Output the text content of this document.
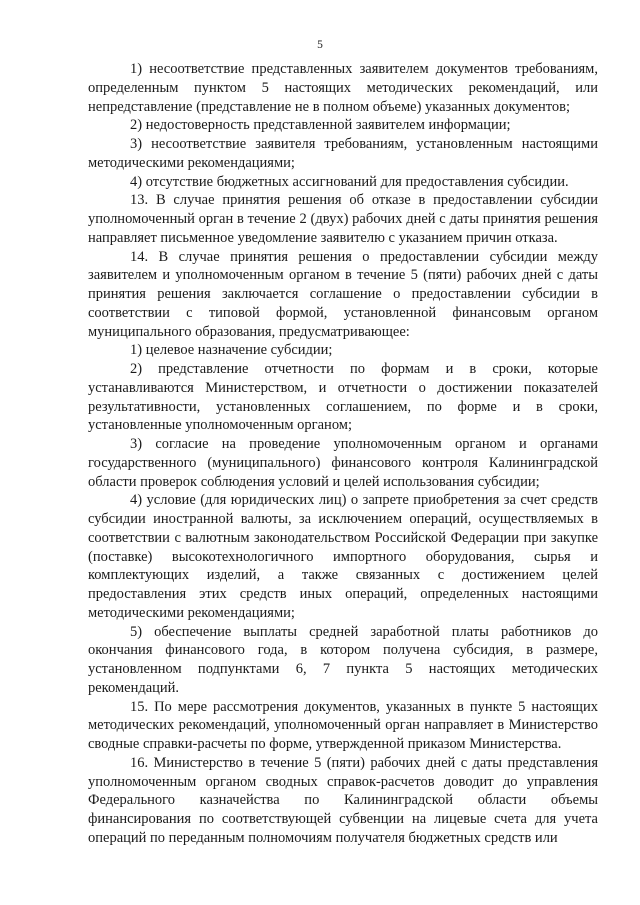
5

1) несоответствие представленных заявителем документов требованиям, определенным пунктом 5 настоящих методических рекомендаций, или непредставление (представление не в полном объеме) указанных документов;

2) недостоверность представленной заявителем информации;

3) несоответствие заявителя требованиям, установленным настоящими методическими рекомендациями;

4) отсутствие бюджетных ассигнований для предоставления субсидии.

13. В случае принятия решения об отказе в предоставлении субсидии уполномоченный орган в течение 2 (двух) рабочих дней с даты принятия решения направляет письменное уведомление заявителю с указанием причин отказа.

14. В случае принятия решения о предоставлении субсидии между заявителем и уполномоченным органом в течение 5 (пяти) рабочих дней с даты принятия решения заключается соглашение о предоставлении субсидии в соответствии с типовой формой, установленной финансовым органом муниципального образования, предусматривающее:

1) целевое назначение субсидии;

2) представление отчетности по формам и в сроки, которые устанавливаются Министерством, и отчетности о достижении показателей результативности, установленных соглашением, по форме и в сроки, установленные уполномоченным органом;

3) согласие на проведение уполномоченным органом и органами государственного (муниципального) финансового контроля Калининградской области проверок соблюдения условий и целей использования субсидии;

4) условие (для юридических лиц) о запрете приобретения за счет средств субсидии иностранной валюты, за исключением операций, осуществляемых в соответствии с валютным законодательством Российской Федерации при закупке (поставке) высокотехнологичного импортного оборудования, сырья и комплектующих изделий, а также связанных с достижением целей предоставления этих средств иных операций, определенных настоящими методическими рекомендациями;

5) обеспечение выплаты средней заработной платы работников до окончания финансового года, в котором получена субсидия, в размере, установленном подпунктами 6, 7 пункта 5 настоящих методических рекомендаций.

15. По мере рассмотрения документов, указанных в пункте 5 настоящих методических рекомендаций, уполномоченный орган направляет в Министерство сводные справки-расчеты по форме, утвержденной приказом Министерства.

16. Министерство в течение 5 (пяти) рабочих дней с даты представления уполномоченным органом сводных справок-расчетов доводит до управления Федерального казначейства по Калининградской области объемы финансирования по соответствующей субвенции на лицевые счета для учета операций по переданным полномочиям получателя бюджетных средств или
